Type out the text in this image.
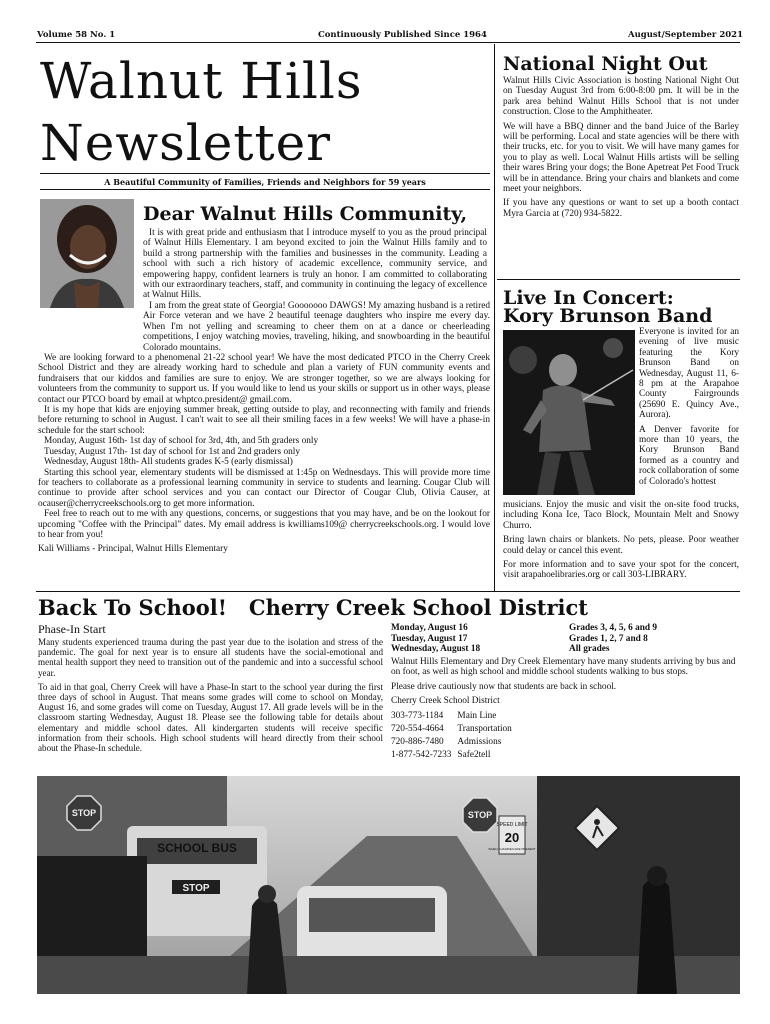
Volume 58 No. 1	Continuously Published Since 1964	August/September 2021
Walnut Hills
Newsletter
A Beautiful Community of Families, Friends and Neighbors for 59 years
Dear Walnut Hills Community,

It is with great pride and enthusiasm that I introduce myself to you as the proud principal of Walnut Hills Elementary. I am beyond excited to join the Walnut Hills family and to build a strong partnership with the families and businesses in the community. Leading a school with such a rich history of academic excellence, community service, and empowering happy, confident learners is truly an honor. I am committed to collaborating with our extraordinary teachers, staff, and community in continuing the legacy of excellence at Walnut Hills.

I am from the great state of Georgia! Gooooooo DAWGS! My amazing husband is a retired Air Force veteran and we have 2 beautiful teenage daughters who inspire me every day. When I'm not yelling and screaming to cheer them on at a dance or cheerleading competitions, I enjoy watching movies, traveling, hiking, and snowboarding in the beautiful Colorado mountains.

We are looking forward to a phenomenal 21-22 school year! We have the most dedicated PTCO in the Cherry Creek School District and they are already working hard to schedule and plan a variety of FUN community events and fundraisers that our kiddos and families are sure to enjoy. We are stronger together, so we are always looking for volunteers from the community to support us. If you would like to lend us your skills or support us in other ways, please contact our PTCO board by email at whptco.president@ gmail.com.

It is my hope that kids are enjoying summer break, getting outside to play, and reconnecting with family and friends before returning to school in August. I can't wait to see all their smiling faces in a few weeks! We will have a phase-in schedule for the start school:

Monday, August 16th- 1st day of school for 3rd, 4th, and 5th graders only

Tuesday, August 17th- 1st day of school for 1st and 2nd graders only

Wednesday, August 18th- All students grades K-5 (early dismissal)

Starting this school year, elementary students will be dismissed at 1:45p on Wednesdays. This will provide more time for teachers to collaborate as a professional learning community in service to students and learning. Cougar Club will continue to provide after school services and you can contact our Director of Cougar Club, Olivia Causer, at ocauser@cherrycreekschools.org to get more information.

Feel free to reach out to me with any questions, concerns, or suggestions that you may have, and be on the lookout for upcoming "Coffee with the Principal" dates. My email address is kwilliams109@ cherrycreekschools.org. I would love to hear from you!

Kali Williams - Principal, Walnut Hills Elementary

National Night Out

Walnut Hills Civic Association is hosting National Night Out on Tuesday August 3rd from 6:00-8:00 pm. It will be in the park area behind Walnut Hills School that is not under construction. Close to the Amphitheater.

We will have a BBQ dinner and the band Juice of the Barley will be performing. Local and state agencies will be there with their trucks, etc. for you to visit. We will have many games for you to play as well. Local Walnut Hills artists will be selling their wares Bring your dogs; the Bone Apetreat Pet Food Truck will be in attendance. Bring your chairs and blankets and come meet your neighbors.

If you have any questions or want to set up a booth contact Myra Garcia at (720) 934-5822.

Live In Concert:
Kory Brunson Band

Everyone is invited for an evening of live music featuring the Kory Brunson Band on Wednesday, August 11, 6-8 pm at the Arapahoe County Fairgrounds (25690 E. Quincy Ave., Aurora).

A Denver favorite for more than 10 years, the Kory Brunson Band formed as a country and rock collaboration of some of Colorado's hottest

musicians. Enjoy the music and visit the on-site food trucks, including Kona Ice, Taco Block, Mountain Melt and Snowy Churro.

Bring lawn chairs or blankets. No pets, please. Poor weather could delay or cancel this event.

For more information and to save your spot for the concert, visit arapahoelibraries.org or call 303-LIBRARY.

Back To School!   Cherry Creek School District
Phase-In Start

Many students experienced trauma during the past year due to the isolation and stress of the pandemic. The goal for next year is to ensure all students have the social-emotional and mental health support they need to transition out of the pandemic and into a successful school year.

To aid in that goal, Cherry Creek will have a Phase-In start to the school year during the first three days of school in August. That means some grades will come to school on Monday, August 16, and some grades will come on Tuesday, August 17. All grade levels will be in the classroom starting Wednesday, August 18. Please see the following table for details about elementary and middle school dates. All kindergarten students will receive specific information from their schools. High school students will heard directly from their school about the Phase-In schedule.

Monday, August 16	Grades 3, 4, 5, 6 and 9
Tuesday, August 17	Grades 1, 2, 7 and 8
Wednesday, August 18	All grades

Walnut Hills Elementary and Dry Creek Elementary have many students arriving by bus and on foot, as well as high school and middle school students walking to bus stops.

Please drive cautiously now that students are back in school.

Cherry Creek School District

303-773-1184	Main Line
720-554-4664	Transportation
720-886-7480	Admissions
1-877-542-7233	Safe2tell
SCHOOL BUS
STOP
STOP	STOP
SPEED LIMIT
20
WHEN CHILDREN ARE PRESENT
